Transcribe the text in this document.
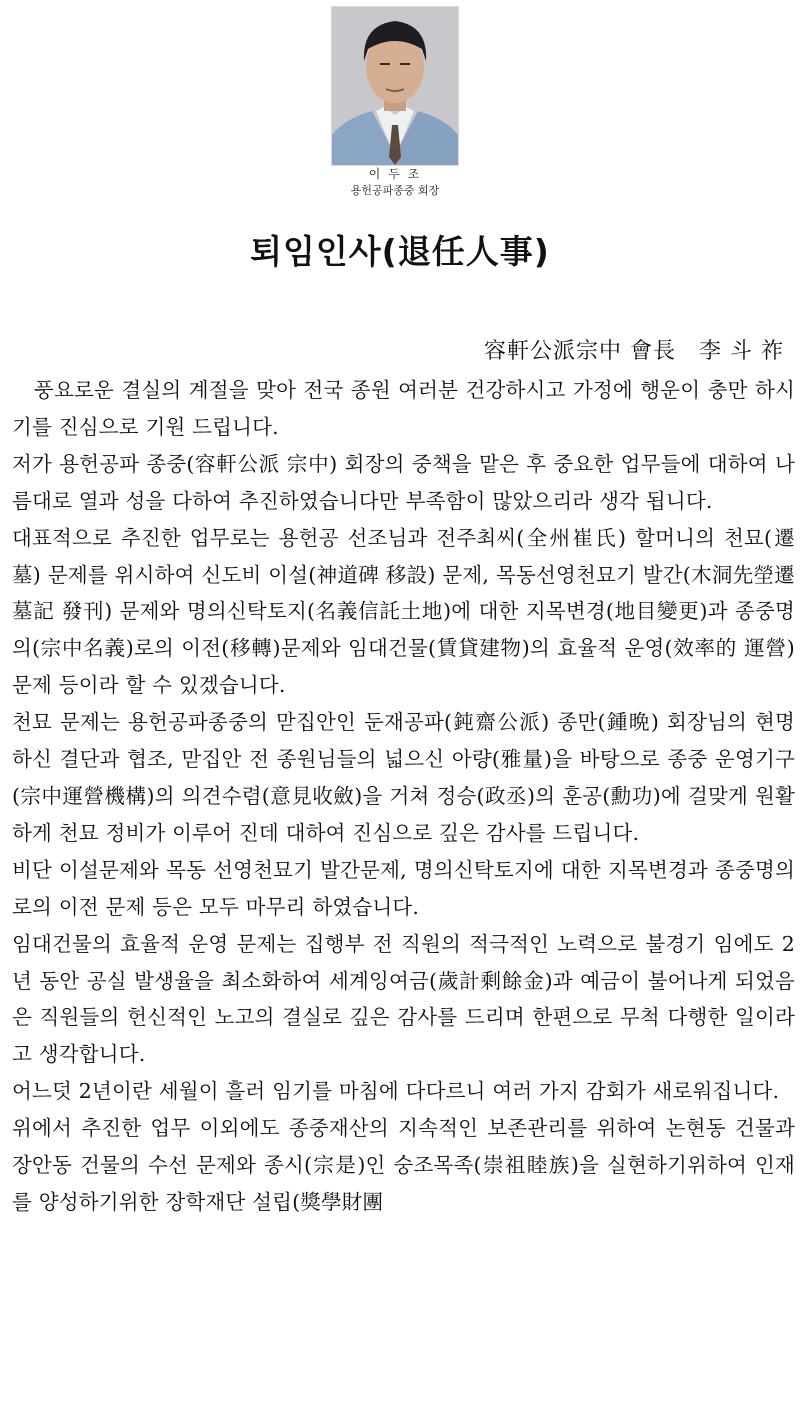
이 두 조
용헌공파종중 회장
퇴임인사(退任人事)
容軒公派宗中 會長　李 斗 祚

풍요로운 결실의 계절을 맞아 전국 종원 여러분 건강하시고 가정에 행운이 충만 하시기를 진심으로 기원 드립니다.

저가 용헌공파 종중(容軒公派 宗中) 회장의 중책을 맡은 후 중요한 업무들에 대하여 나름대로 열과 성을 다하여 추진하였습니다만 부족함이 많았으리라 생각 됩니다.

대표적으로 추진한 업무로는 용헌공 선조님과 전주최씨(全州崔氏) 할머니의 천묘(遷墓) 문제를 위시하여 신도비 이설(神道碑 移設) 문제, 목동선영천묘기 발간(木洞先塋遷墓記 發刊) 문제와 명의신탁토지(名義信託土地)에 대한 지목변경(地目變更)과 종중명의(宗中名義)로의 이전(移轉)문제와 임대건물(賃貸建物)의 효율적 운영(效率的 運營) 문제 등이라 할 수 있겠습니다.

천묘 문제는 용헌공파종중의 맏집안인 둔재공파(鈍齋公派) 종만(鍾晩) 회장님의 현명하신 결단과 협조, 맏집안 전 종원님들의 넓으신 아량(雅量)을 바탕으로 종중 운영기구(宗中運營機構)의 의견수렴(意見收斂)을 거쳐 정승(政丞)의 훈공(勳功)에 걸맞게 원활하게 천묘 정비가 이루어 진데 대하여 진심으로 깊은 감사를 드립니다.

비단 이설문제와 목동 선영천묘기 발간문제, 명의신탁토지에 대한 지목변경과 종중명의로의 이전 문제 등은 모두 마무리 하였습니다.

임대건물의 효율적 운영 문제는 집행부 전 직원의 적극적인 노력으로 불경기 임에도 2년 동안 공실 발생율을 최소화하여 세계잉여금(歲計剩餘金)과 예금이 불어나게 되었음은 직원들의 헌신적인 노고의 결실로 깊은 감사를 드리며 한편으로 무척 다행한 일이라고 생각합니다.

어느덧 2년이란 세월이 흘러 임기를 마침에 다다르니 여러 가지 감회가 새로워집니다.

위에서 추진한 업무 이외에도 종중재산의 지속적인 보존관리를 위하여 논현동 건물과 장안동 건물의 수선 문제와 종시(宗是)인 숭조목족(崇祖睦族)을 실현하기위하여 인재를 양성하기위한 장학재단 설립(獎學財團
